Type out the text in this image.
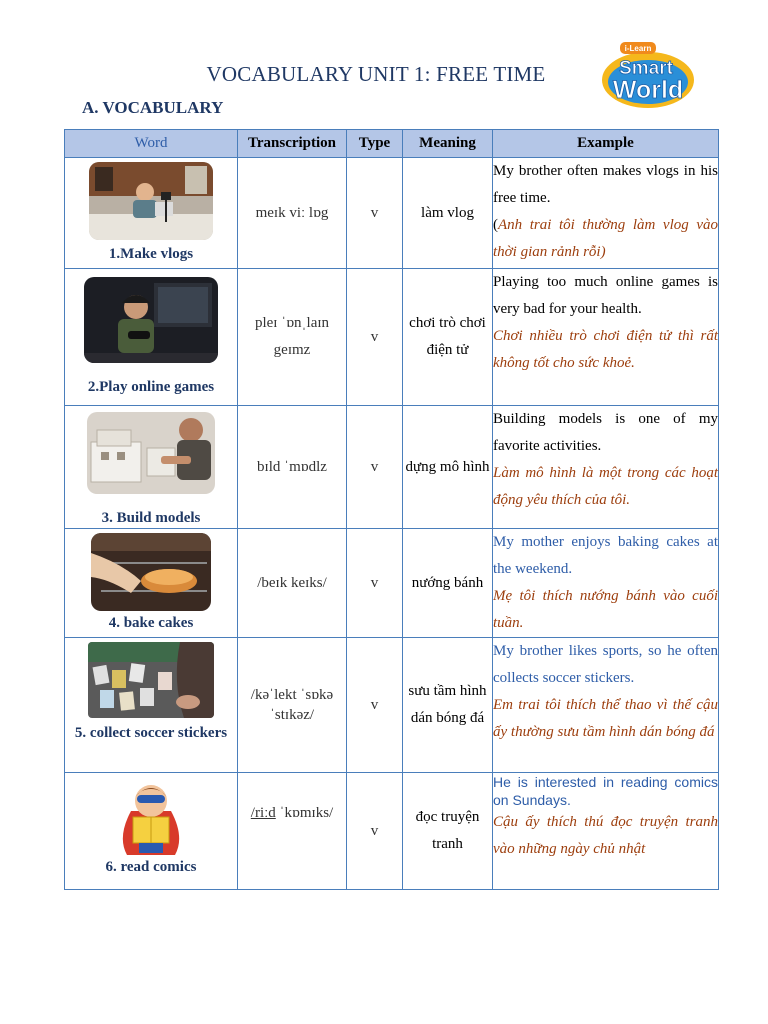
VOCABULARY UNIT 1: FREE TIME
A. VOCABULARY
i-Learn
Smart
World
Word	Transcription	Type	Meaning	Example

1.Make vlogs	meɪk viː lɒg	v	làm vlog	My brother often makes vlogs in his free time.
(Anh trai tôi thường làm vlog vào thời gian rảnh rỗi)

2.Play online games	pleɪ ˈɒnˌlaɪn geɪmz	v	chơi trò chơi điện tử	Playing too much online games is very bad for your health.
Chơi nhiều trò chơi điện tử thì rất không tốt cho sức khoẻ.

3. Build models	bɪld ˈmɒdlz	v	dựng mô hình	Building models is one of my favorite activities.
Làm mô hình là một trong các hoạt động yêu thích của tôi.

4. bake cakes	/beɪk keɪks/	v	nướng bánh	My mother enjoys baking cakes at the weekend.
Mẹ tôi thích nướng bánh vào cuối tuần.

5. collect soccer stickers	/kəˈlekt ˈsɒkə ˈstɪkəz/	v	sưu tầm hình dán bóng đá	My brother likes sports, so he often collects soccer stickers.
Em trai tôi thích thể thao vì thế cậu ấy thường sưu tầm hình dán bóng đá

6. read comics	/riːd ˈkɒmɪks/	v	đọc truyện tranh	He is interested in reading comics on Sundays.
Cậu ấy thích thú đọc truyện tranh vào những ngày chủ nhật
